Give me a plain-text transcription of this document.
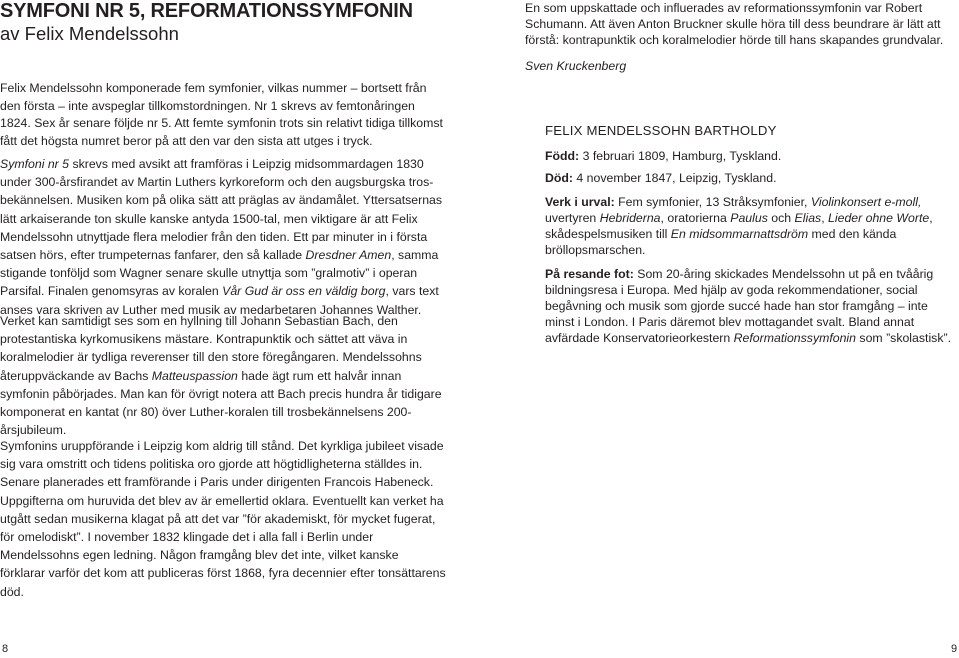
SYMFONI NR 5, REFORMATIONSSYMFONIN
av Felix Mendelssohn

Felix Mendelssohn komponerade fem symfonier, vilkas nummer – bortsett från den första – inte avspeglar tillkomstordningen. Nr 1 skrevs av femtonåringen 1824. Sex år senare följde nr 5. Att femte symfonin trots sin relativt tidiga tillkomst fått det högsta numret beror på att den var den sista att utges i tryck.

Symfoni nr 5 skrevs med avsikt att framföras i Leipzig midsommardagen 1830 under 300-årsfirandet av Martin Luthers kyrkoreform och den augsburgska tros-bekännelsen. Musiken kom på olika sätt att präglas av ändamålet. Yttersatsernas lätt arkaiserande ton skulle kanske antyda 1500-tal, men viktigare är att Felix Mendelssohn utnyttjade flera melodier från den tiden. Ett par minuter in i första satsen hörs, efter trumpeternas fanfarer, den så kallade Dresdner Amen, samma stigande tonföljd som Wagner senare skulle utnyttja som ”gralmotiv” i operan Parsifal. Finalen genomsyras av koralen Vår Gud är oss en väldig borg, vars text anses vara skriven av Luther med musik av medarbetaren Johannes Walther.

Verket kan samtidigt ses som en hyllning till Johann Sebastian Bach, den protestantiska kyrkomusikens mästare. Kontrapunktik och sättet att väva in koralmelodier är tydliga reverenser till den store föregångaren. Mendelssohns återuppväckande av Bachs Matteuspassion hade ägt rum ett halvår innan symfonin påbörjades. Man kan för övrigt notera att Bach precis hundra år tidigare komponerat en kantat (nr 80) över Luther-koralen till trosbekännelsens 200-årsjubileum.

Symfonins uruppförande i Leipzig kom aldrig till stånd. Det kyrkliga jubileet visade sig vara omstritt och tidens politiska oro gjorde att högtidligheterna ställdes in. Senare planerades ett framförande i Paris under dirigenten Francois Habeneck. Uppgifterna om huruvida det blev av är emellertid oklara. Eventuellt kan verket ha utgått sedan musikerna klagat på att det var ”för akademiskt, för mycket fugerat, för omelodiskt”. I november 1832 klingade det i alla fall i Berlin under Mendelssohns egen ledning. Någon framgång blev det inte, vilket kanske förklarar varför det kom att publiceras först 1868, fyra decennier efter tonsättarens död.

En som uppskattade och influerades av reformationssymfonin var Robert Schumann. Att även Anton Bruckner skulle höra till dess beundrare är lätt att förstå: kontrapunktik och koralmelodier hörde till hans skapandes grundvalar.

Sven Kruckenberg
FELIX MENDELSSOHN BARTHOLDY

Född: 3 februari 1809, Hamburg, Tyskland.

Död: 4 november 1847, Leipzig, Tyskland.

Verk i urval: Fem symfonier, 13 Stråksymfonier, Violinkonsert e-moll, uvertyren Hebriderna, oratorierna Paulus och Elias, Lieder ohne Worte, skådespelsmusiken till En midsommarnattsdröm med den kända bröllopsmarschen.

På resande fot: Som 20-åring skickades Mendelssohn ut på en tvåårig bildningsresa i Europa. Med hjälp av goda rekommendationer, social begåvning och musik som gjorde succé hade han stor framgång – inte minst i London. I Paris däremot blev mottagandet svalt. Bland annat avfärdade Konservatorieorkestern Reformationssymfonin som ”skolastisk”.

8	9
